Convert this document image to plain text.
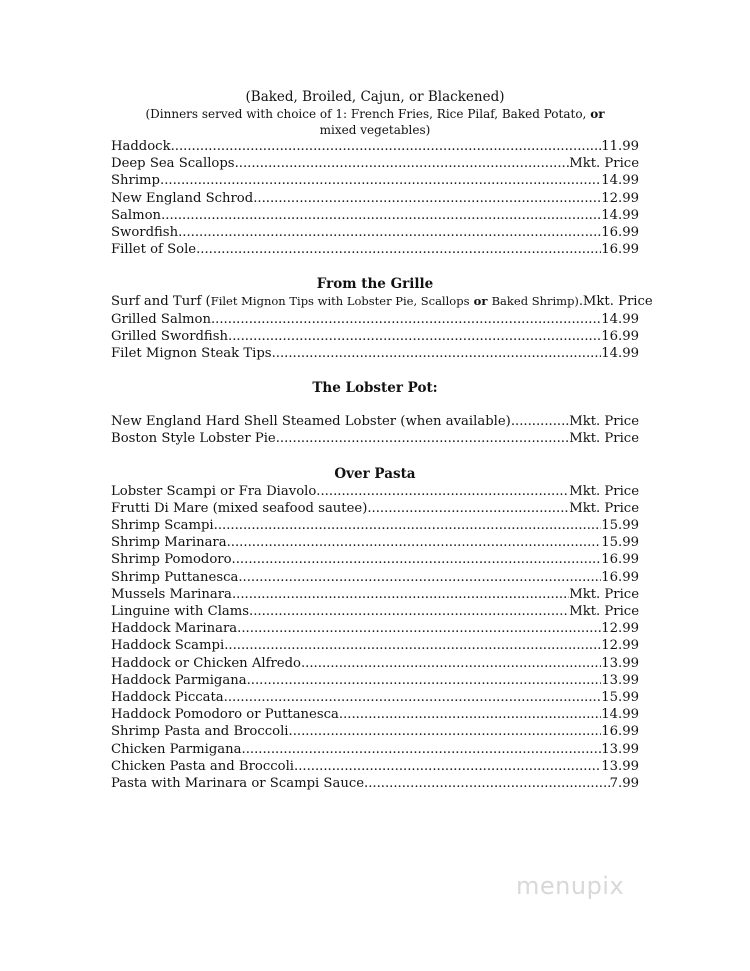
(Baked, Broiled, Cajun, or Blackened)
(Dinners served with choice of 1: French Fries, Rice Pilaf, Baked Potato, or mixed vegetables)
Haddock .....	11.99
Deep Sea Scallops .....	Mkt. Price
Shrimp .....	14.99
New England Schrod .....	12.99
Salmon .....	14.99
Swordfish .....	16.99
Fillet of Sole .....	16.99
From the Grille
Surf and Turf (Filet Mignon Tips with Lobster Pie, Scallops or Baked Shrimp) ..... Mkt. Price
Grilled Salmon .....	14.99
Grilled Swordfish .....	16.99
Filet Mignon Steak Tips .....	14.99
The Lobster Pot:
New England Hard Shell Steamed Lobster (when available) .....	Mkt. Price
Boston Style Lobster Pie .....	Mkt. Price
Over Pasta
Lobster Scampi or Fra Diavolo .....	Mkt. Price
Frutti Di Mare (mixed seafood sautee) .....	Mkt. Price
Shrimp Scampi .....	15.99
Shrimp Marinara .....	15.99
Shrimp Pomodoro .....	16.99
Shrimp Puttanesca .....	16.99
Mussels Marinara .....	Mkt. Price
Linguine with Clams .....	Mkt. Price
Haddock Marinara .....	12.99
Haddock Scampi .....	12.99
Haddock or Chicken Alfredo .....	13.99
Haddock Parmigana .....	13.99
Haddock Piccata .....	15.99
Haddock Pomodoro or Puttanesca .....	14.99
Shrimp Pasta and Broccoli .....	16.99
Chicken Parmigana .....	13.99
Chicken Pasta and Broccoli .....	13.99
Pasta with Marinara or Scampi Sauce .....	7.99
menupix
